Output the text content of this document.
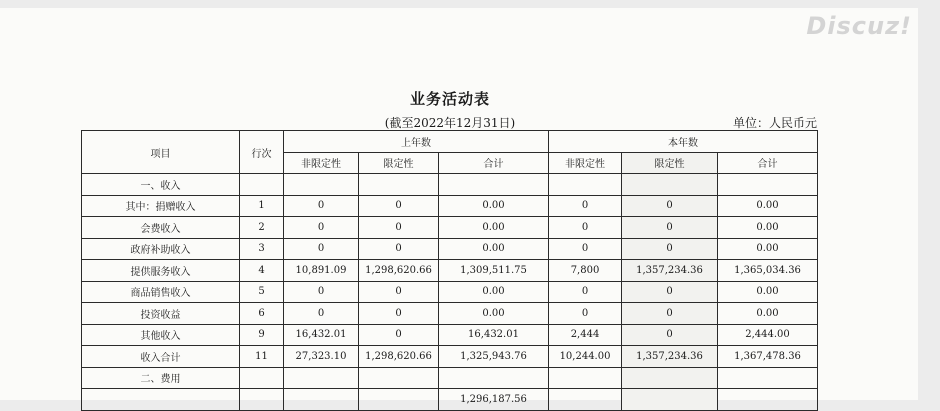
Discuz!
业务活动表
(截至2022年12月31日)	单位：人民币元
项目	行次	上年数			本年数		
		非限定性	限定性	合计	非限定性	限定性	合计
一、收入							
其中：捐赠收入	1	0	0	0.00	0	0	0.00
会费收入	2	0	0	0.00	0	0	0.00
政府补助收入	3	0	0	0.00	0	0	0.00
提供服务收入	4	10,891.09	1,298,620.66	1,309,511.75	7,800	1,357,234.36	1,365,034.36
商品销售收入	5	0	0	0.00	0	0	0.00
投资收益	6	0	0	0.00	0	0	0.00
其他收入	9	16,432.01	0	16,432.01	2,444	0	2,444.00
收入合计	11	27,323.10	1,298,620.66	1,325,943.76	10,244.00	1,357,234.36	1,367,478.36
二、费用							
				1,296,187.56			
